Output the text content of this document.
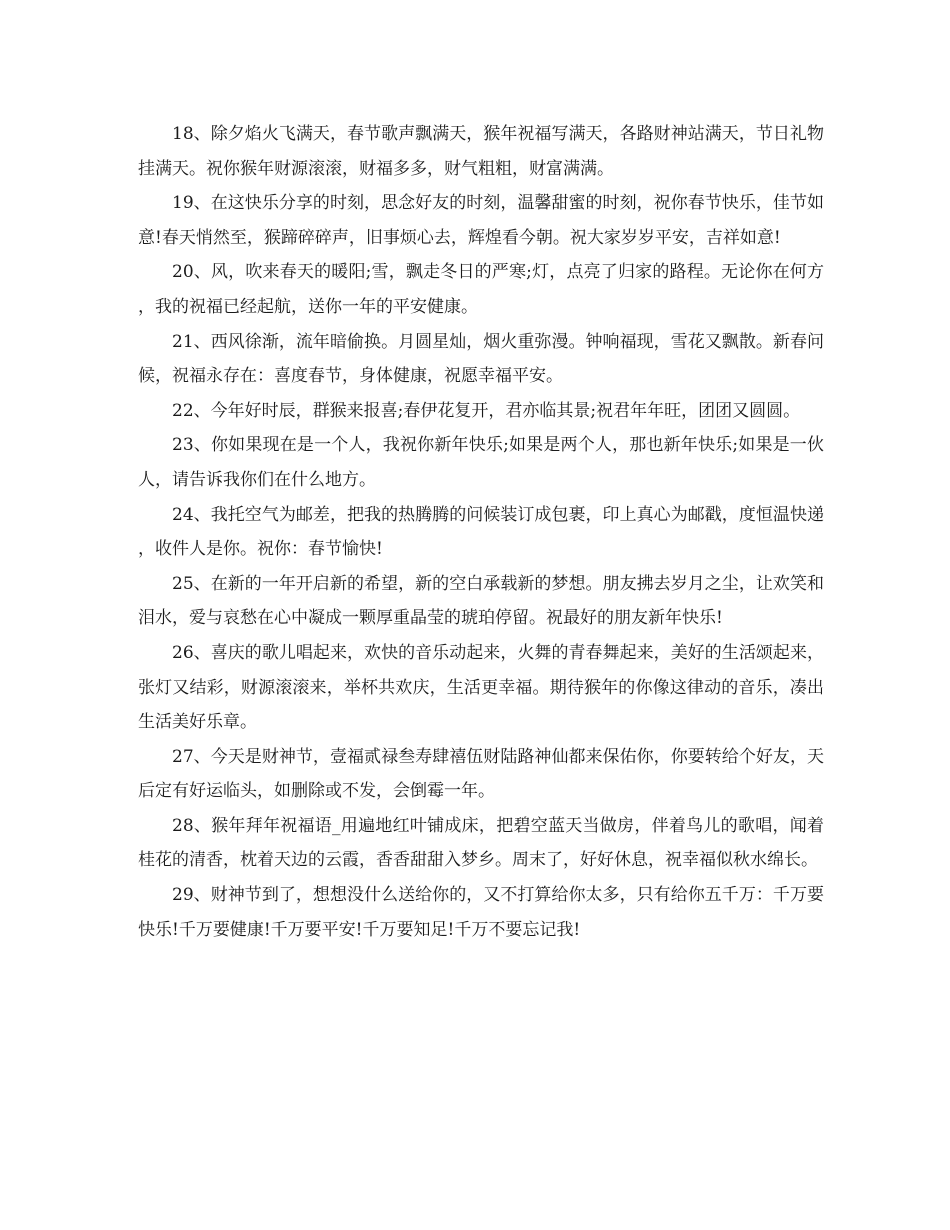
18、除夕焰火飞满天，春节歌声飘满天，猴年祝福写满天，各路财神站满天，节日礼物挂满天。祝你猴年财源滚滚，财福多多，财气粗粗，财富满满。

19、在这快乐分享的时刻，思念好友的时刻，温馨甜蜜的时刻，祝你春节快乐，佳节如意!春天悄然至，猴蹄碎碎声，旧事烦心去，辉煌看今朝。祝大家岁岁平安，吉祥如意!

20、风，吹来春天的暖阳;雪，飘走冬日的严寒;灯，点亮了归家的路程。无论你在何方，我的祝福已经起航，送你一年的平安健康。

21、西风徐渐，流年暗偷换。月圆星灿，烟火重弥漫。钟响福现，雪花又飘散。新春问候，祝福永存在：喜度春节，身体健康，祝愿幸福平安。

22、今年好时辰，群猴来报喜;春伊花复开，君亦临其景;祝君年年旺，团团又圆圆。

23、你如果现在是一个人，我祝你新年快乐;如果是两个人，那也新年快乐;如果是一伙人，请告诉我你们在什么地方。

24、我托空气为邮差，把我的热腾腾的问候装订成包裹，印上真心为邮戳，度恒温快递，收件人是你。祝你：春节愉快!

25、在新的一年开启新的希望，新的空白承载新的梦想。朋友拂去岁月之尘，让欢笑和泪水，爱与哀愁在心中凝成一颗厚重晶莹的琥珀停留。祝最好的朋友新年快乐!

26、喜庆的歌儿唱起来，欢快的音乐动起来，火舞的青春舞起来，美好的生活颂起来，张灯又结彩，财源滚滚来，举杯共欢庆，生活更幸福。期待猴年的你像这律动的音乐，凑出生活美好乐章。

27、今天是财神节，壹福贰禄叁寿肆禧伍财陆路神仙都来保佑你，你要转给个好友，天后定有好运临头，如删除或不发，会倒霉一年。

28、猴年拜年祝福语_用遍地红叶铺成床，把碧空蓝天当做房，伴着鸟儿的歌唱，闻着桂花的清香，枕着天边的云霞，香香甜甜入梦乡。周末了，好好休息，祝幸福似秋水绵长。

29、财神节到了，想想没什么送给你的，又不打算给你太多，只有给你五千万：千万要快乐!千万要健康!千万要平安!千万要知足!千万不要忘记我!
